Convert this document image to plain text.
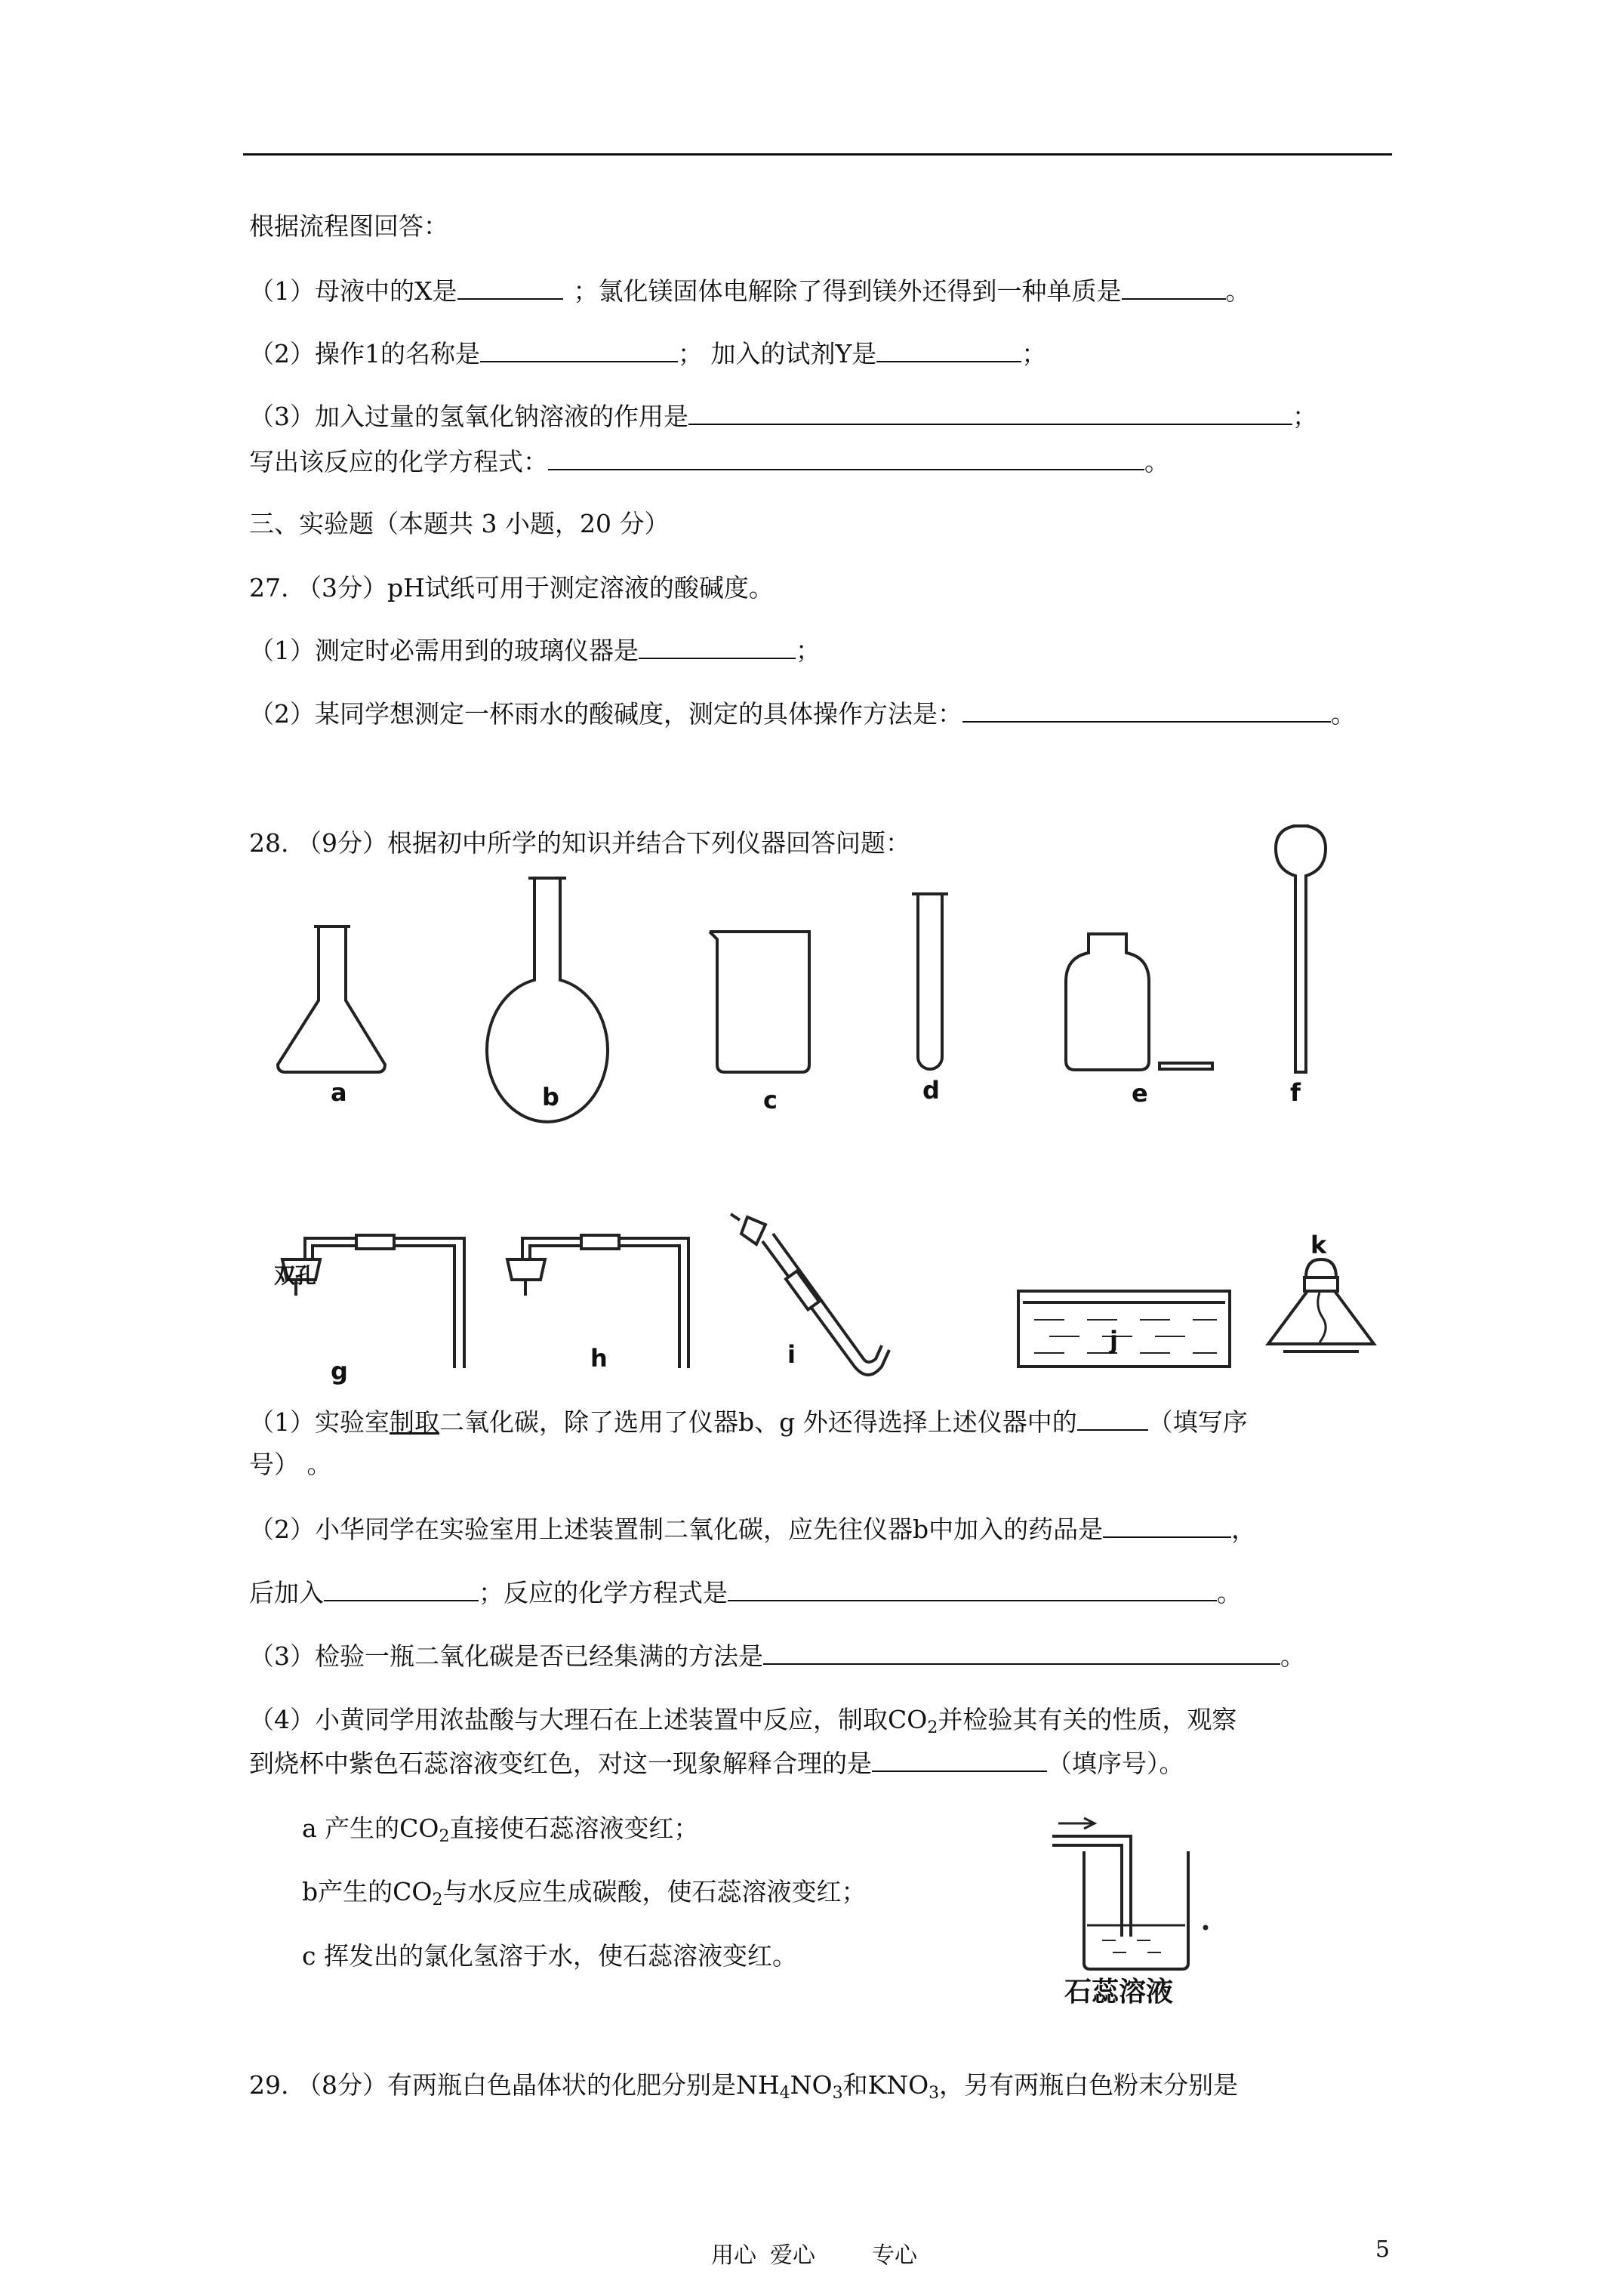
根据流程图回答：
（1）母液中的X是	；氯化镁固体电解除了得到镁外还得到一种单质是	。
（2）操作1的名称是	； 加入的试剂Y是	；
（3）加入过量的氢氧化钠溶液的作用是	；
写出该反应的化学方程式：	。
三、实验题（本题共 3 小题，20 分）
27. （3分）pH试纸可用于测定溶液的酸碱度。
（1）测定时必需用到的玻璃仪器是	；
（2）某同学想测定一杯雨水的酸碱度，测定的具体操作方法是：	。
28. （9分）根据初中所学的知识并结合下列仪器回答问题：
（1）实验室制取二氧化碳，除了选用了仪器b、g 外还得选择上述仪器中的	（填写序
号） 。
（2）小华同学在实验室用上述装置制二氧化碳，应先往仪器b中加入的药品是	，
后加入	；反应的化学方程式是	。
（3）检验一瓶二氧化碳是否已经集满的方法是	。
（4）小黄同学用浓盐酸与大理石在上述装置中反应，制取$CO_2$并检验其有关的性质，观察
到烧杯中紫色石蕊溶液变红色，对这一现象解释合理的是	（填序号）。
a 产生的$CO_2$直接使石蕊溶液变红；
b产生的$CO_2$与水反应生成碳酸，使石蕊溶液变红；
c 挥发出的氯化氢溶于水，使石蕊溶液变红。
29. （8分）有两瓶白色晶体状的化肥分别是$NH_4NO_3$和$KNO_3$，另有两瓶白色粉末分别是
a	b	c	d	e	f
g	h	i	j
k
双孔
石蕊溶液
用心 爱心	专心	5
